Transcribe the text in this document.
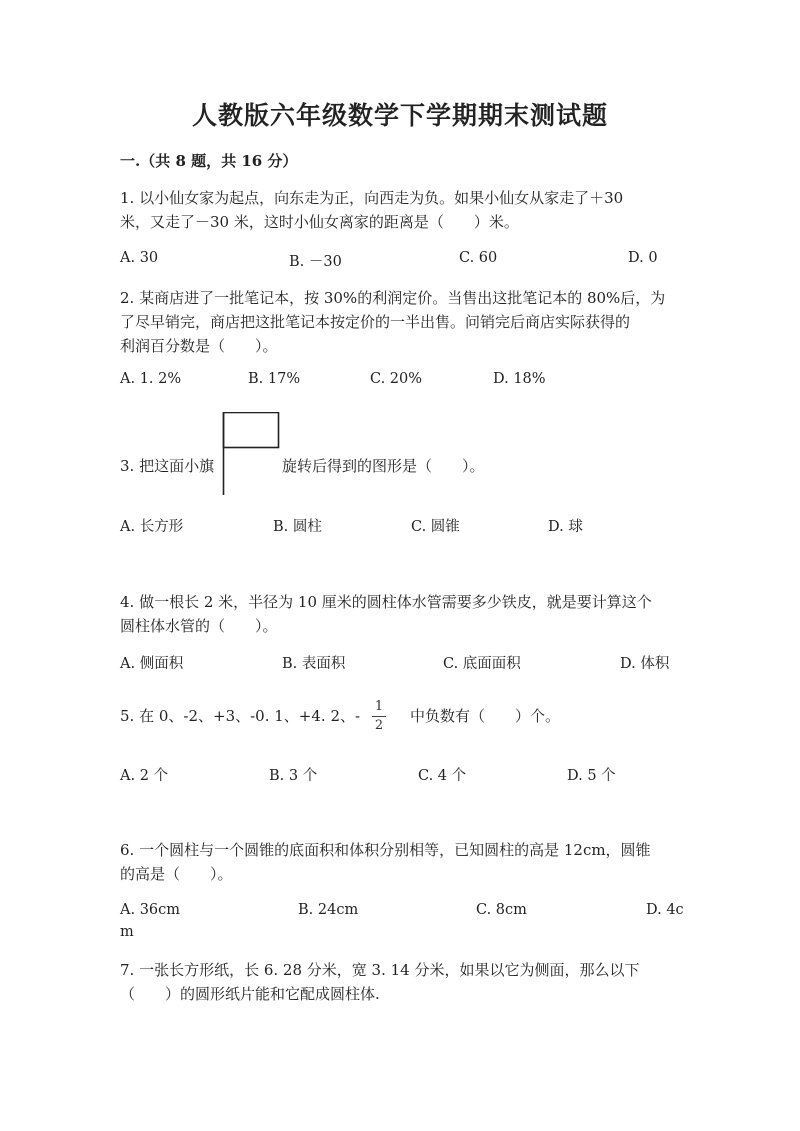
人教版六年级数学下学期期末测试题
一.（共 8 题，共 16 分）
1. 以小仙女家为起点，向东走为正，向西走为负。如果小仙女从家走了＋30
米，又走了－30 米，这时小仙女离家的距离是（　　）米。
A. 30	B. －30	C. 60	D. 0
2. 某商店进了一批笔记本，按 30%的利润定价。当售出这批笔记本的 80%后，为
了尽早销完，商店把这批笔记本按定价的一半出售。问销完后商店实际获得的
利润百分数是（　　）。
A. 1. 2%	B. 17%	C. 20%	D. 18%
3. 把这面小旗	旋转后得到的图形是（　　）。
A. 长方形	B. 圆柱	C. 圆锥	D. 球
4. 做一根长 2 米，半径为 10 厘米的圆柱体水管需要多少铁皮，就是要计算这个
圆柱体水管的（　　）。
A. 侧面积	B. 表面积	C. 底面面积	D. 体积
5. 在 0、-2、+3、-0. 1、+4. 2、-
1
2
中负数有（　　）个。
A. 2 个	B. 3 个	C. 4 个	D. 5 个
6. 一个圆柱与一个圆锥的底面积和体积分别相等，已知圆柱的高是 12cm，圆锥
的高是（　　）。
A. 36cm	B. 24cm	C. 8cm	D. 4c
m
7. 一张长方形纸，长 6. 28 分米，宽 3. 14 分米，如果以它为侧面，那么以下
（　　）的圆形纸片能和它配成圆柱体.
